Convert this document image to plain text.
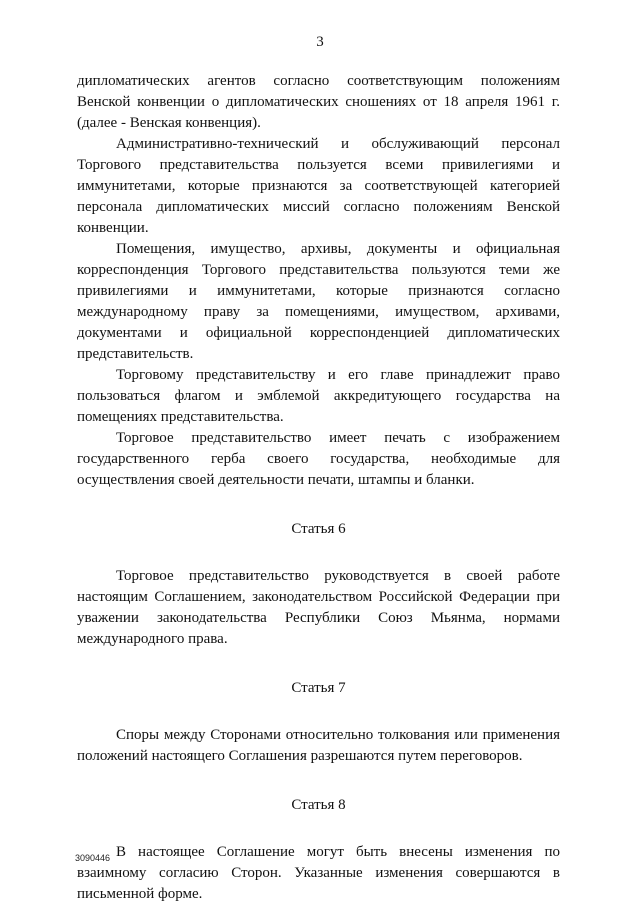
3

дипломатических агентов согласно соответствующим положениям Венской конвенции о дипломатических сношениях от 18 апреля 1961 г. (далее - Венская конвенция).

Административно-технический и обслуживающий персонал Торгового представительства пользуется всеми привилегиями и иммунитетами, которые признаются за соответствующей категорией персонала дипломатических миссий согласно положениям Венской конвенции.

Помещения, имущество, архивы, документы и официальная корреспонденция Торгового представительства пользуются теми же привилегиями и иммунитетами, которые признаются согласно международному праву за помещениями, имуществом, архивами, документами и официальной корреспонденцией дипломатических представительств.

Торговому представительству и его главе принадлежит право пользоваться флагом и эмблемой аккредитующего государства на помещениях представительства.

Торговое представительство имеет печать с изображением государственного герба своего государства, необходимые для осуществления своей деятельности печати, штампы и бланки.

Статья 6

Торговое представительство руководствуется в своей работе настоящим Соглашением, законодательством Российской Федерации при уважении законодательства Республики Союз Мьянма, нормами международного права.

Статья 7

Споры между Сторонами относительно толкования или применения положений настоящего Соглашения разрешаются путем переговоров.

Статья 8

В настоящее Соглашение могут быть внесены изменения по взаимному согласию Сторон. Указанные изменения совершаются в письменной форме.

3090446
